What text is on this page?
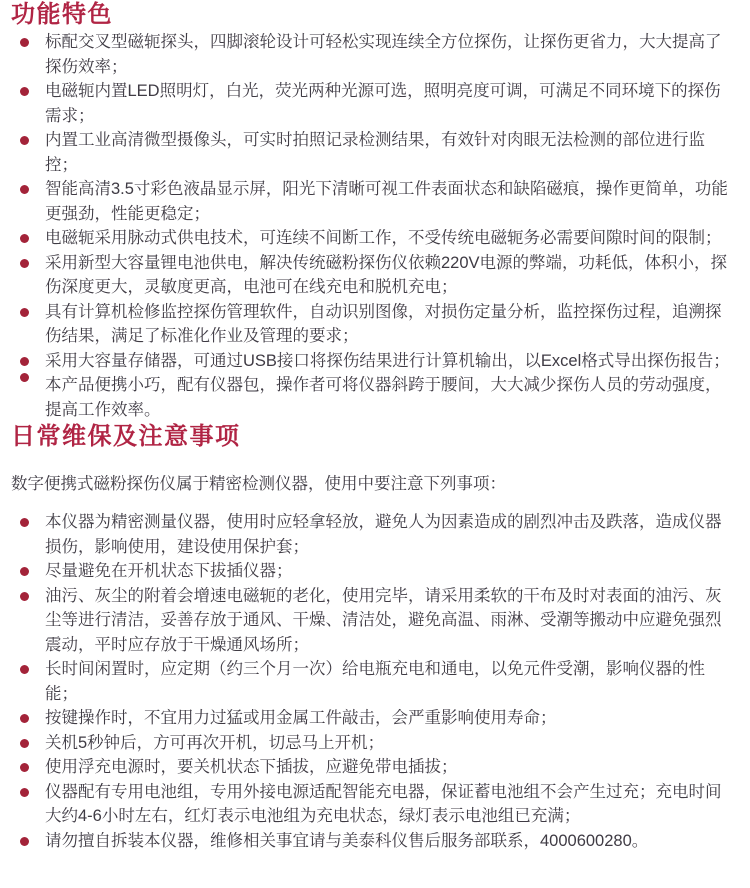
功能特色
标配交叉型磁轭探头，四脚滚轮设计可轻松实现连续全方位探伤，让探伤更省力，大大提高了探伤效率；
电磁轭内置LED照明灯，白光，荧光两种光源可选，照明亮度可调，可满足不同环境下的探伤需求；
内置工业高清微型摄像头，可实时拍照记录检测结果，有效针对肉眼无法检测的部位进行监控；
智能高清3.5寸彩色液晶显示屏，阳光下清晰可视工件表面状态和缺陷磁痕，操作更简单，功能更强劲，性能更稳定；
电磁轭采用脉动式供电技术，可连续不间断工作，不受传统电磁轭务必需要间隙时间的限制；
采用新型大容量锂电池供电，解决传统磁粉探伤仪依赖220V电源的弊端，功耗低，体积小，探伤深度更大，灵敏度更高，电池可在线充电和脱机充电；
具有计算机检修监控探伤管理软件，自动识别图像，对损伤定量分析，监控探伤过程，追溯探伤结果，满足了标准化作业及管理的要求；
采用大容量存储器，可通过USB接口将探伤结果进行计算机输出，以Excel格式导出探伤报告；
本产品便携小巧，配有仪器包，操作者可将仪器斜跨于腰间，大大减少探伤人员的劳动强度，提高工作效率。
日常维保及注意事项

数字便携式磁粉探伤仪属于精密检测仪器，使用中要注意下列事项：

本仪器为精密测量仪器，使用时应轻拿轻放，避免人为因素造成的剧烈冲击及跌落，造成仪器损伤，影响使用，建设使用保护套；
尽量避免在开机状态下拔插仪器；
油污、灰尘的附着会增速电磁轭的老化，使用完毕，请采用柔软的干布及时对表面的油污、灰尘等进行清洁，妥善存放于通风、干燥、清洁处，避免高温、雨淋、受潮等搬动中应避免强烈震动，平时应存放于干燥通风场所；
长时间闲置时，应定期（约三个月一次）给电瓶充电和通电，以免元件受潮，影响仪器的性能；
按键操作时，不宜用力过猛或用金属工件敲击，会严重影响使用寿命；
关机5秒钟后，方可再次开机，切忌马上开机；
使用浮充电源时，要关机状态下插拔，应避免带电插拔；
仪器配有专用电池组，专用外接电源适配智能充电器，保证蓄电池组不会产生过充；充电时间大约4-6小时左右，红灯表示电池组为充电状态，绿灯表示电池组已充满；
请勿擅自拆装本仪器，维修相关事宜请与美泰科仪售后服务部联系，4000600280。
